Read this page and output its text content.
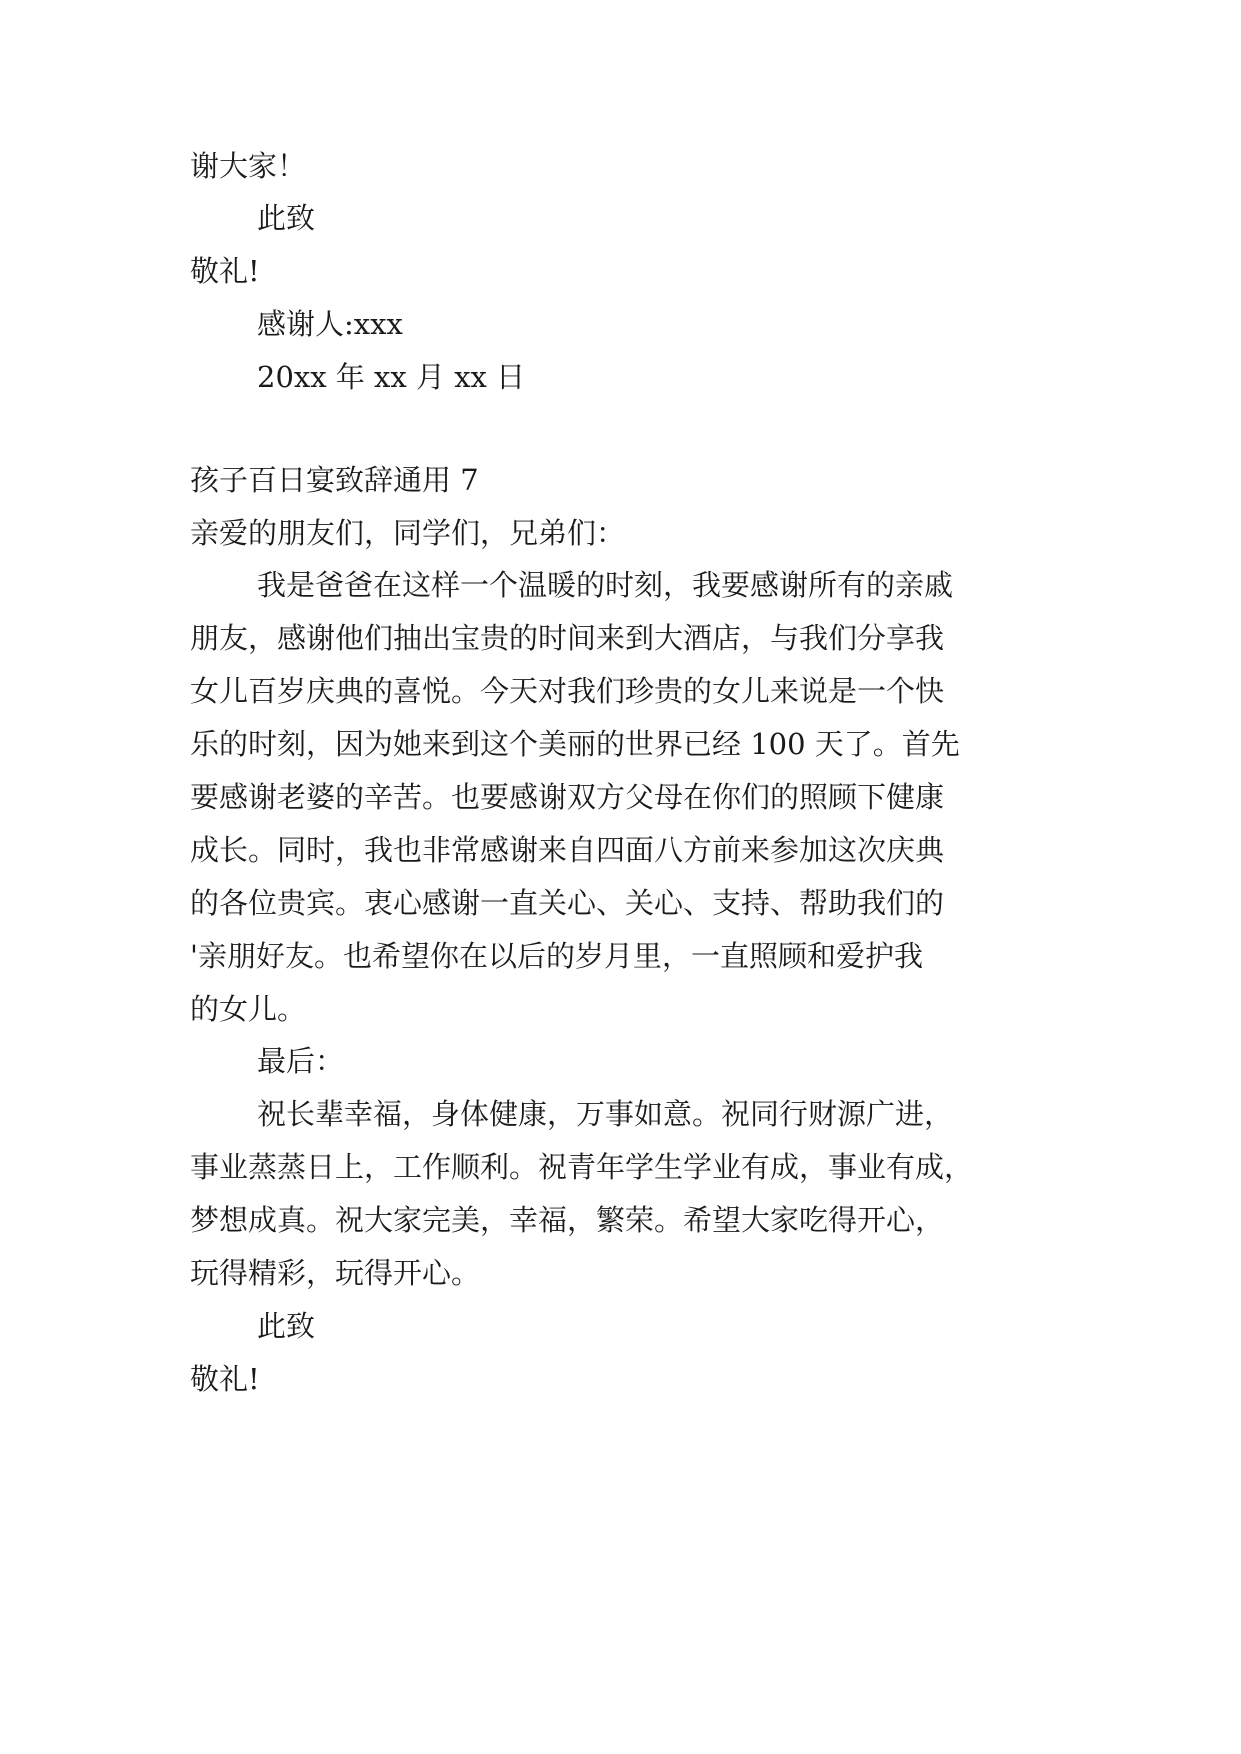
谢大家！

此致

敬礼!

感谢人:xxx

20xx 年 xx 月 xx 日

孩子百日宴致辞通用 7

亲爱的朋友们，同学们，兄弟们：

我是爸爸在这样一个温暖的时刻，我要感谢所有的亲戚

朋友，感谢他们抽出宝贵的时间来到大酒店，与我们分享我

女儿百岁庆典的喜悦。今天对我们珍贵的女儿来说是一个快

乐的时刻，因为她来到这个美丽的世界已经 100 天了。首先

要感谢老婆的辛苦。也要感谢双方父母在你们的照顾下健康

成长。同时，我也非常感谢来自四面八方前来参加这次庆典

的各位贵宾。衷心感谢一直关心、关心、支持、帮助我们的

'亲朋好友。也希望你在以后的岁月里，一直照顾和爱护我

的女儿。

最后：

祝长辈幸福，身体健康，万事如意。祝同行财源广进，

事业蒸蒸日上，工作顺利。祝青年学生学业有成，事业有成，

梦想成真。祝大家完美，幸福，繁荣。希望大家吃得开心，

玩得精彩，玩得开心。

此致

敬礼!
